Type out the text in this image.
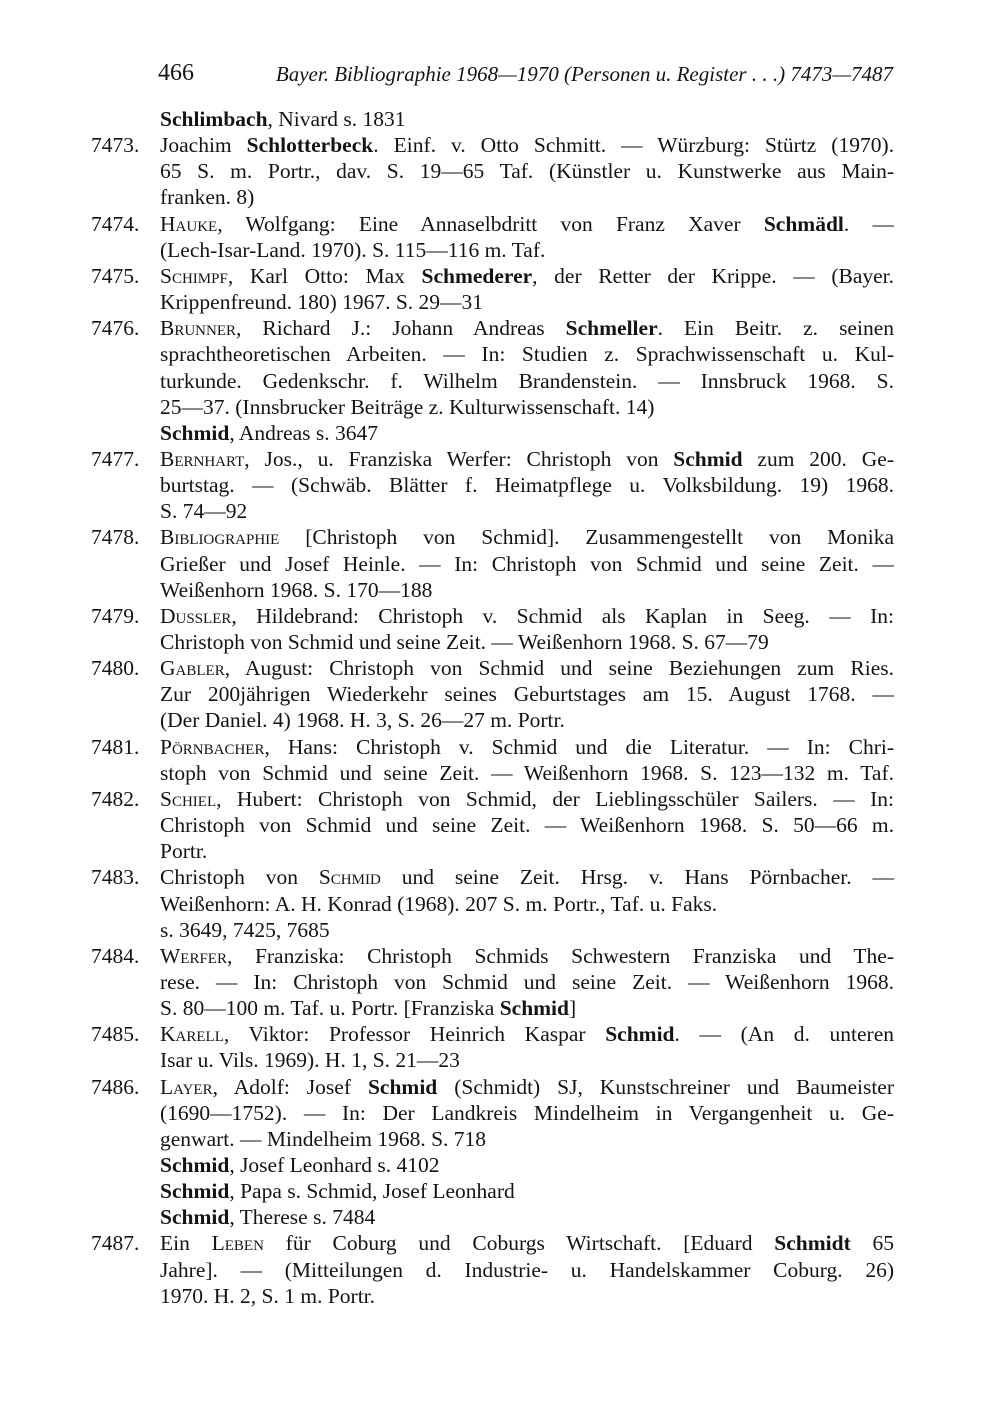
466	Bayer. Bibliographie 1968—1970 (Personen u. Register . . .) 7473—7487
Schlimbach, Nivard s. 1831
7473. Joachim Schlotterbeck. Einf. v. Otto Schmitt. — Würzburg: Stürtz (1970).
65 S. m. Portr., dav. S. 19—65 Taf. (Künstler u. Kunstwerke aus Main-
franken. 8)
7474. Hauke, Wolfgang: Eine Annaselbdritt von Franz Xaver Schmädl. —
(Lech-Isar-Land. 1970). S. 115—116 m. Taf.
7475. Schimpf, Karl Otto: Max Schmederer, der Retter der Krippe. — (Bayer.
Krippenfreund. 180) 1967. S. 29—31
7476. Brunner, Richard J.: Johann Andreas Schmeller. Ein Beitr. z. seinen
sprachtheoretischen Arbeiten. — In: Studien z. Sprachwissenschaft u. Kul-
turkunde. Gedenkschr. f. Wilhelm Brandenstein. — Innsbruck 1968. S.
25—37. (Innsbrucker Beiträge z. Kulturwissenschaft. 14)
Schmid, Andreas s. 3647
7477. Bernhart, Jos., u. Franziska Werfer: Christoph von Schmid zum 200. Ge-
burtstag. — (Schwäb. Blätter f. Heimatpflege u. Volksbildung. 19) 1968.
S. 74—92
7478. Bibliographie [Christoph von Schmid]. Zusammengestellt von Monika
Grießer und Josef Heinle. — In: Christoph von Schmid und seine Zeit. —
Weißenhorn 1968. S. 170—188
7479. Dussler, Hildebrand: Christoph v. Schmid als Kaplan in Seeg. — In:
Christoph von Schmid und seine Zeit. — Weißenhorn 1968. S. 67—79
7480. Gabler, August: Christoph von Schmid und seine Beziehungen zum Ries.
Zur 200jährigen Wiederkehr seines Geburtstages am 15. August 1768. —
(Der Daniel. 4) 1968. H. 3, S. 26—27 m. Portr.
7481. Pörnbacher, Hans: Christoph v. Schmid und die Literatur. — In: Chri-
stoph von Schmid und seine Zeit. — Weißenhorn 1968. S. 123—132 m. Taf.
7482. Schiel, Hubert: Christoph von Schmid, der Lieblingsschüler Sailers. — In:
Christoph von Schmid und seine Zeit. — Weißenhorn 1968. S. 50—66 m.
Portr.
7483. Christoph von Schmid und seine Zeit. Hrsg. v. Hans Pörnbacher. —
Weißenhorn: A. H. Konrad (1968). 207 S. m. Portr., Taf. u. Faks.
s. 3649, 7425, 7685
7484. Werfer, Franziska: Christoph Schmids Schwestern Franziska und The-
rese. — In: Christoph von Schmid und seine Zeit. — Weißenhorn 1968.
S. 80—100 m. Taf. u. Portr. [Franziska Schmid]
7485. Karell, Viktor: Professor Heinrich Kaspar Schmid. — (An d. unteren
Isar u. Vils. 1969). H. 1, S. 21—23
7486. Layer, Adolf: Josef Schmid (Schmidt) SJ, Kunstschreiner und Baumeister
(1690—1752). — In: Der Landkreis Mindelheim in Vergangenheit u. Ge-
genwart. — Mindelheim 1968. S. 718
Schmid, Josef Leonhard s. 4102
Schmid, Papa s. Schmid, Josef Leonhard
Schmid, Therese s. 7484
7487. Ein Leben für Coburg und Coburgs Wirtschaft. [Eduard Schmidt 65
Jahre]. — (Mitteilungen d. Industrie- u. Handelskammer Coburg. 26)
1970. H. 2, S. 1 m. Portr.
